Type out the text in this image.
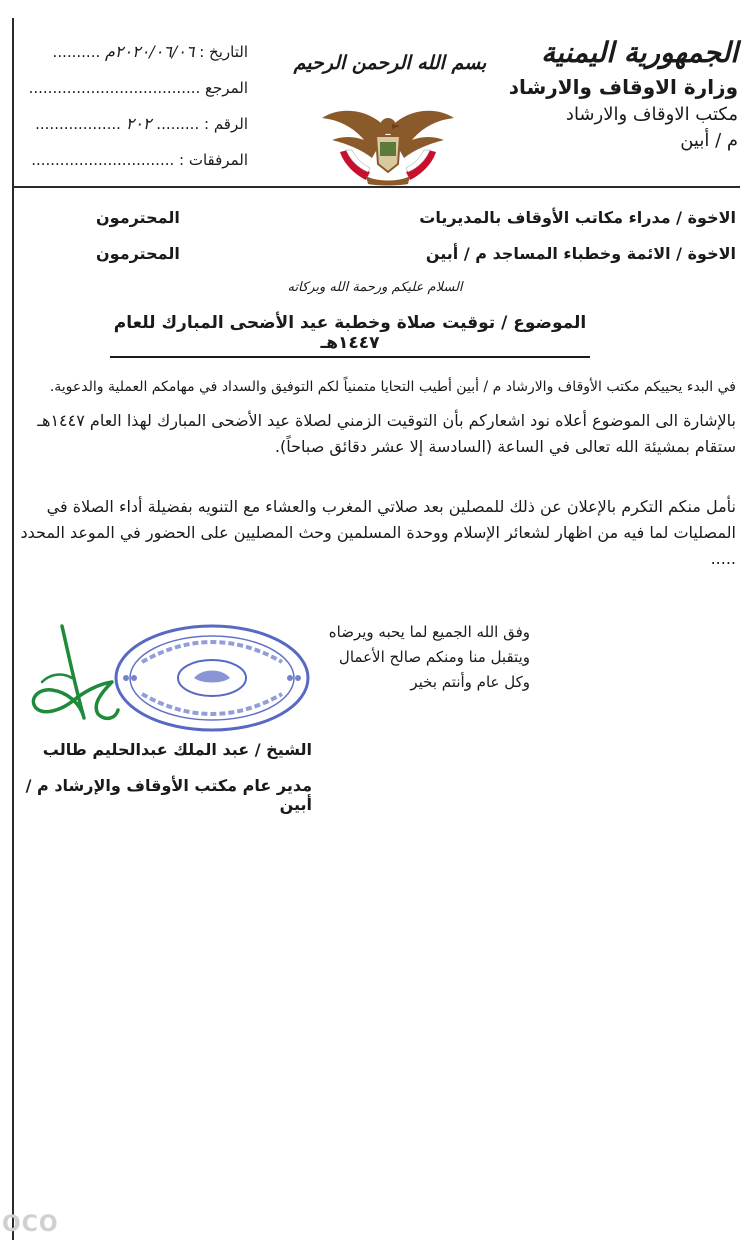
الجمهورية اليمنية
وزارة الاوقاف والارشاد
مكتب الاوقاف والارشاد
م / أبين
بسم الله الرحمن الرحيم
التاريخ : ٢٠٢٠/٠٦/٠٦م ..........
المرجع ....................................
الرقم : ......... ٢٠٢ ..................
المرفقات : ..............................
الاخوة / مدراء مكاتب الأوقاف بالمديريات
المحترمون
الاخوة / الائمة وخطباء المساجد م / أبين
المحترمون
السلام عليكم ورحمة الله وبركاته
الموضوع / توقيت صلاة وخطبة عيد الأضحى المبارك للعام ١٤٤٧هـ
في البدء يحييكم مكتب الأوقاف والارشاد م / أبين أطيب التحايا متمنياً لكم التوفيق والسداد في مهامكم العملية والدعوية.
بالإشارة الى الموضوع أعلاه نود اشعاركم بأن التوقيت الزمني لصلاة عيد الأضحى المبارك لهذا العام ١٤٤٧هـ ستقام بمشيئة الله تعالى في الساعة (السادسة إلا عشر دقائق صباحاً).
نأمل منكم التكرم بالإعلان عن ذلك للمصلين بعد صلاتي المغرب والعشاء مع التنويه بفضيلة أداء الصلاة في المصليات لما فيه من اظهار لشعائر الإسلام ووحدة المسلمين وحث المصليين على الحضور في الموعد المحدد .....
وفق الله الجميع لما يحبه ويرضاه
ويتقبل منا ومنكم صالح الأعمال
وكل عام وأنتم بخير
الشيخ / عبد الملك عبدالحليم طالب
مدير عام مكتب الأوقاف والإرشاد م / أبين
OCO
